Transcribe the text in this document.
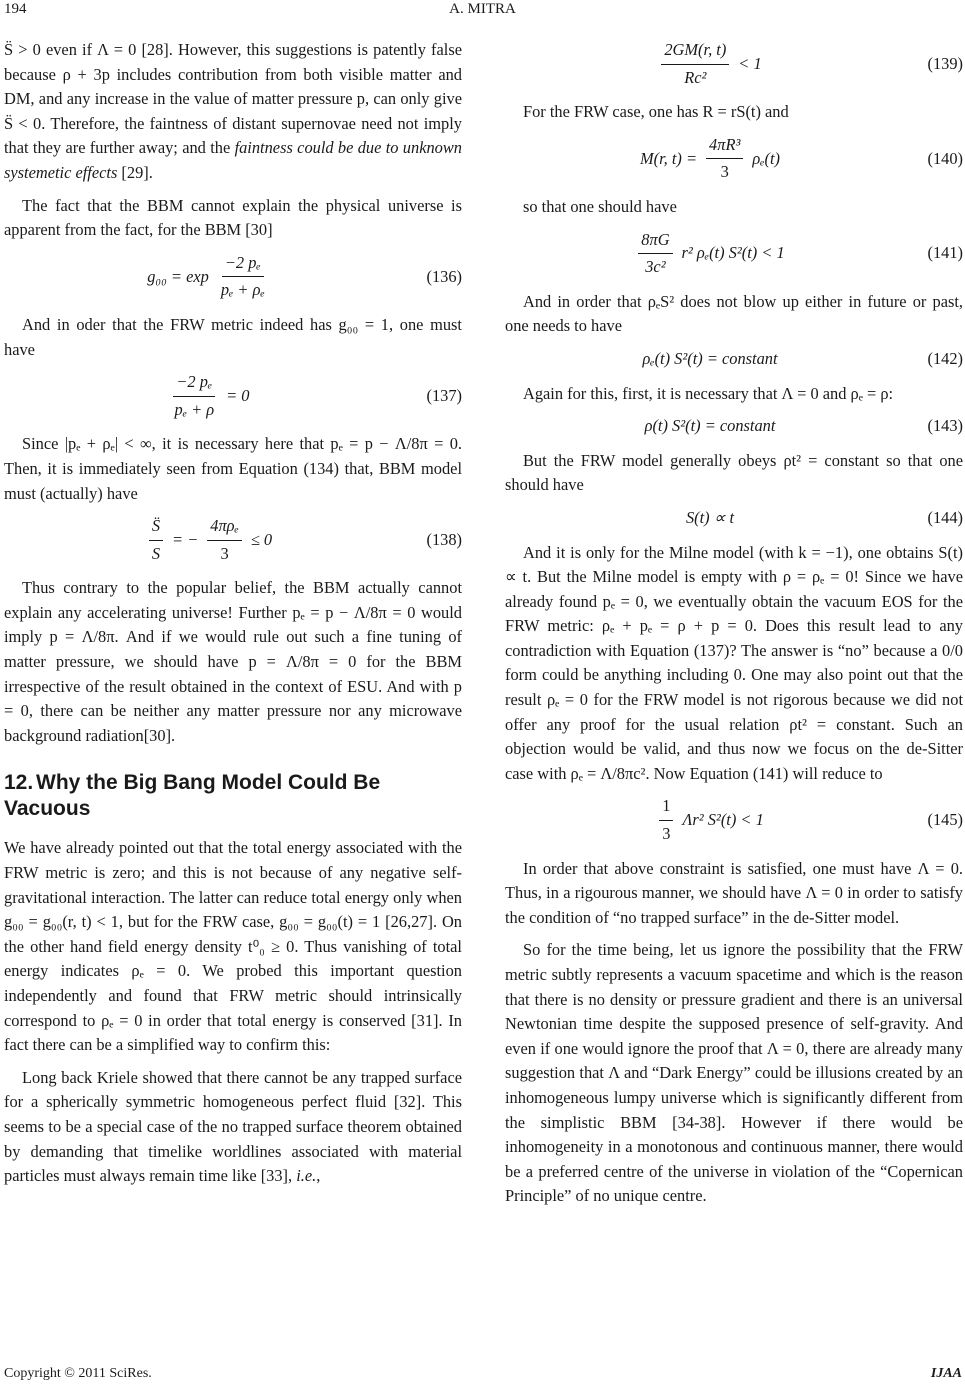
194	A. MITRA

S̈ > 0 even if Λ = 0 [28]. However, this suggestions is patently false because ρ + 3p includes contribution from both visible matter and DM, and any increase in the value of matter pressure p, can only give S̈ < 0. Therefore, the faintness of distant supernovae need not imply that they are further away; and the faintness could be due to unknown systemetic effects [29].

The fact that the BBM cannot explain the physical universe is apparent from the fact, for the BBM [30]

$g_{00} = \exp \frac{\text{−2 pₑ}}{\text{pₑ + ρₑ}}$	(136)

And in oder that the FRW metric indeed has g₀₀ = 1, one must have

$\frac{\text{−2 pₑ}}{\text{pₑ + ρ}} = 0$	(137)

Since |pₑ + ρₑ| < ∞, it is necessary here that pₑ = p − Λ/8π = 0. Then, it is immediately seen from Equation (134) that, BBM model must (actually) have

$\frac{S̈}{S}$ = − $\frac{\text{4πρₑ}}{3} \le 0$	(138)

Thus contrary to the popular belief, the BBM actually cannot explain any accelerating universe! Further pₑ = p − Λ/8π = 0 would imply p = Λ/8π. And if we would rule out such a fine tuning of matter pressure, we should have p = Λ/8π = 0 for the BBM irrespective of the result obtained in the context of ESU. And with p = 0, there can be neither any matter pressure nor any microwave background radiation[30].

12. Why the Big Bang Model Could Be Vacuous

We have already pointed out that the total energy associated with the FRW metric is zero; and this is not because of any negative self-gravitational interaction. The latter can reduce total energy only when g₀₀ = g₀₀(r, t) < 1, but for the FRW case, g₀₀ = g₀₀(t) = 1 [26,27]. On the other hand field energy density t⁰₀ ≥ 0. Thus vanishing of total energy indicates ρₑ = 0. We probed this important question independently and found that FRW metric should intrinsically correspond to ρₑ = 0 in order that total energy is conserved [31]. In fact there can be a simplified way to confirm this:

Long back Kriele showed that there cannot be any trapped surface for a spherically symmetric homogeneous perfect fluid [32]. This seems to be a special case of the no trapped surface theorem obtained by demanding that timelike worldlines associated with material particles must always remain time like [33], i.e.,

$\frac{2GM(r, t)}{\text{Rc²}} < 1$	(139)

For the FRW case, one has R = rS(t) and

M(r, $t) = \frac{\text{4πR³}}{3} \rho_e(t)$	(140)

so that one should have

$\frac{8\pi G}{\text{3c²}} r^2$ ρₑ(t) S²(t) < 1	(141)

And in order that ρₑS² does not blow up either in future or past, one needs to have

ρₑ(t) S²(t) = constant	(142)

Again for this, first, it is necessary that Λ = 0 and ρₑ = ρ:

ρ(t) S²(t) = constant	(143)

But the FRW model generally obeys ρt² = constant so that one should have

S(t) ∝ t	(144)

And it is only for the Milne model (with k = −1), one obtains S(t) ∝ t. But the Milne model is empty with ρ = ρₑ = 0! Since we have already found pₑ = 0, we eventually obtain the vacuum EOS for the FRW metric: ρₑ + pₑ = ρ + p = 0. Does this result lead to any contradiction with Equation (137)? The answer is “no” because a 0/0 form could be anything including 0. One may also point out that the result ρₑ = 0 for the FRW model is not rigorous because we did not offer any proof for the usual relation ρt² = constant. Such an objection would be valid, and thus now we focus on the de-Sitter case with ρₑ = Λ/8πc². Now Equation (141) will reduce to

$\frac{1}{3} \Lambda r^2$ S²(t) < 1	(145)

In order that above constraint is satisfied, one must have Λ = 0. Thus, in a rigourous manner, we should have Λ = 0 in order to satisfy the condition of “no trapped surface” in the de-Sitter model.

So for the time being, let us ignore the possibility that the FRW metric subtly represents a vacuum spacetime and which is the reason that there is no density or pressure gradient and there is an universal Newtonian time despite the supposed presence of self-gravity. And even if one would ignore the proof that Λ = 0, there are already many suggestion that Λ and “Dark Energy” could be illusions created by an inhomogeneous lumpy universe which is significantly different from the simplistic BBM [34-38]. However if there would be inhomogeneity in a monotonous and continuous manner, there would be a preferred centre of the universe in violation of the “Copernican Principle” of no unique centre.

Copyright © 2011 SciRes.	IJAA
